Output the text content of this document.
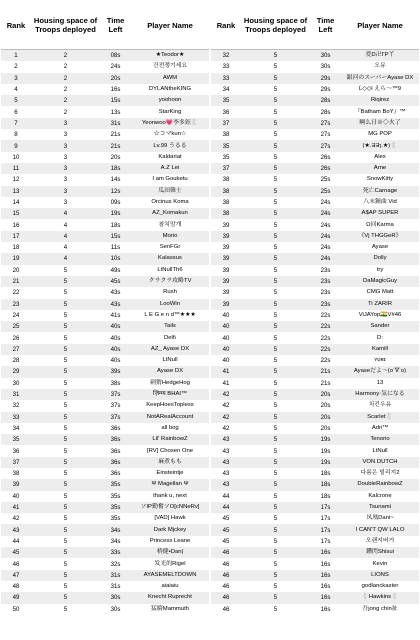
Rank	Housing space of Troops deployed	Time Left	Player Name	Rank	Housing space of Troops deployed	Time Left	Player Name
1	2	08s	★Teodor★	32	5	30s	爱D卍ΓP丫
2	2	24s	건전쟁기세요	33	5	30s	오뮤
3	2	20s	AWM	33	5	29s	銀河のスーパーAyase DX
4	2	16s	DYLANtheKING	34	5	29s	Ĺ◇◇l えら～™9
5	2	15s	yoohoon	35	5	28s	Riqirez
6	2	13s	StarKing	36	5	28s	『Batham BoY』™
7	3	31s	Yeonwoo💗李多鈺🐇	37	5	27s	啊么日※◇火了
8	3	21s	☆コマkun☆	38	5	27s	MG POP
9	3	21s	Lv.99 うるる	35	5	27s	(★.ƎƎɿ.★)🐇
10	3	20s	Kaldariat	35	5	26s	Alex
11	3	18s	A.Z Lei	37	5	26s	Arne
12	3	14s	I am Gouketu	38	5	25s	SnowKitty
13	3	12s	瓜田韓士	38	5	25s	死亡Carnage
14	3	09s	Orcinus Koma	38	5	24s	八末鐘曲 Vid
15	4	19s	AZ_Komakun	38	5	24s	A$AP SUPER
16	4	18s	참치맘개	39	5	24s	Ω回Karma
17	4	15s	Morio	39	5	24s	《Vj THGGeR》
18	4	11s	SenFGr	39	5	24s	Ayase
19	4	10s	Kalassus	39	5	24s	Dolly
20	5	49s	LtNullTh6	39	5	23s	try
21	5	45s	クラクラ攻略TV	39	5	23s	DaMagicGuy
22	5	43s	Rush	39	5	23s	CMG Matt
23	5	43s	LooWin	39	5	23s	Ti ZARIR
24	5	41s	L E G e n d™★★★	40	5	22s	ViJAYop🇮🇳V#46
25	5	40s	Tails	40	5	22s	Sander
26	5	40s	Delt\	40	5	22s	D:
27	5	40s	AZ_ Ayase DX	40	5	22s	Kamill
28	5	40s	LtNull	40	5	22s	ʏᴜʀɪ
29	5	39s	Ayase DX	41	5	21s	Ayaseだよ～(o´∇`o)
30	5	38s	刺猬HedgeHog	41	5	21s	13
31	5	37s	ज़िग्ग्य BHAI™	42	5	20s	Harmony·気になる
32	5	37s	KeepHoesTopless	42	5	20s	치킨우유
33	5	37s	NotARealAccount	42	5	20s	Scarlet🐇
34	5	36s	all bog	42	5	20s	Adri™
35	5	36s	Lil' RainbowZ	43	5	19s	Tenorio
36	5	36s	[RV] Chosen One	43	5	19s	LtNull
37	5	36s	麻煮もも	43	5	19s	VON DUTCH
38	5	36s	Einsteintje	43	5	18s	다름은 빌리지2
39	5	35s	Ψ Magellan Ψ	43	5	18s	DoubleRainbowZ
40	5	35s	thank u, next	44	5	18s	Kalcrone
41	5	35s	ソIP勤奮ソO[cNNeRv]	44	5	17s	Tsunami
42	5	35s	[VAD] Hawk	45	5	17s	凤凰Dani~
43	5	34s	Dark Mjckey	45	5	17s	I CAN'T QW LALO
44	5	34s	Princess Leane	45	5	17s	오랜지버거
45	5	33s	桥健•Dan|	46	5	16s	鑽閃Shisui
46	5	32s	发光的Rigel	46	5	16s	Kevin
47	5	31s	AYASEMELTDOWN	46	5	16s	LIONS
48	5	31s	aiaiaiu	46	5	16s	godlanckaster
49	5	30s	Knecht Ruprecht	46	5	16s	🐇Hawkins🐇
50	5	30s	猛騎Mammuth	46	5	16s	吾jong chin扯
